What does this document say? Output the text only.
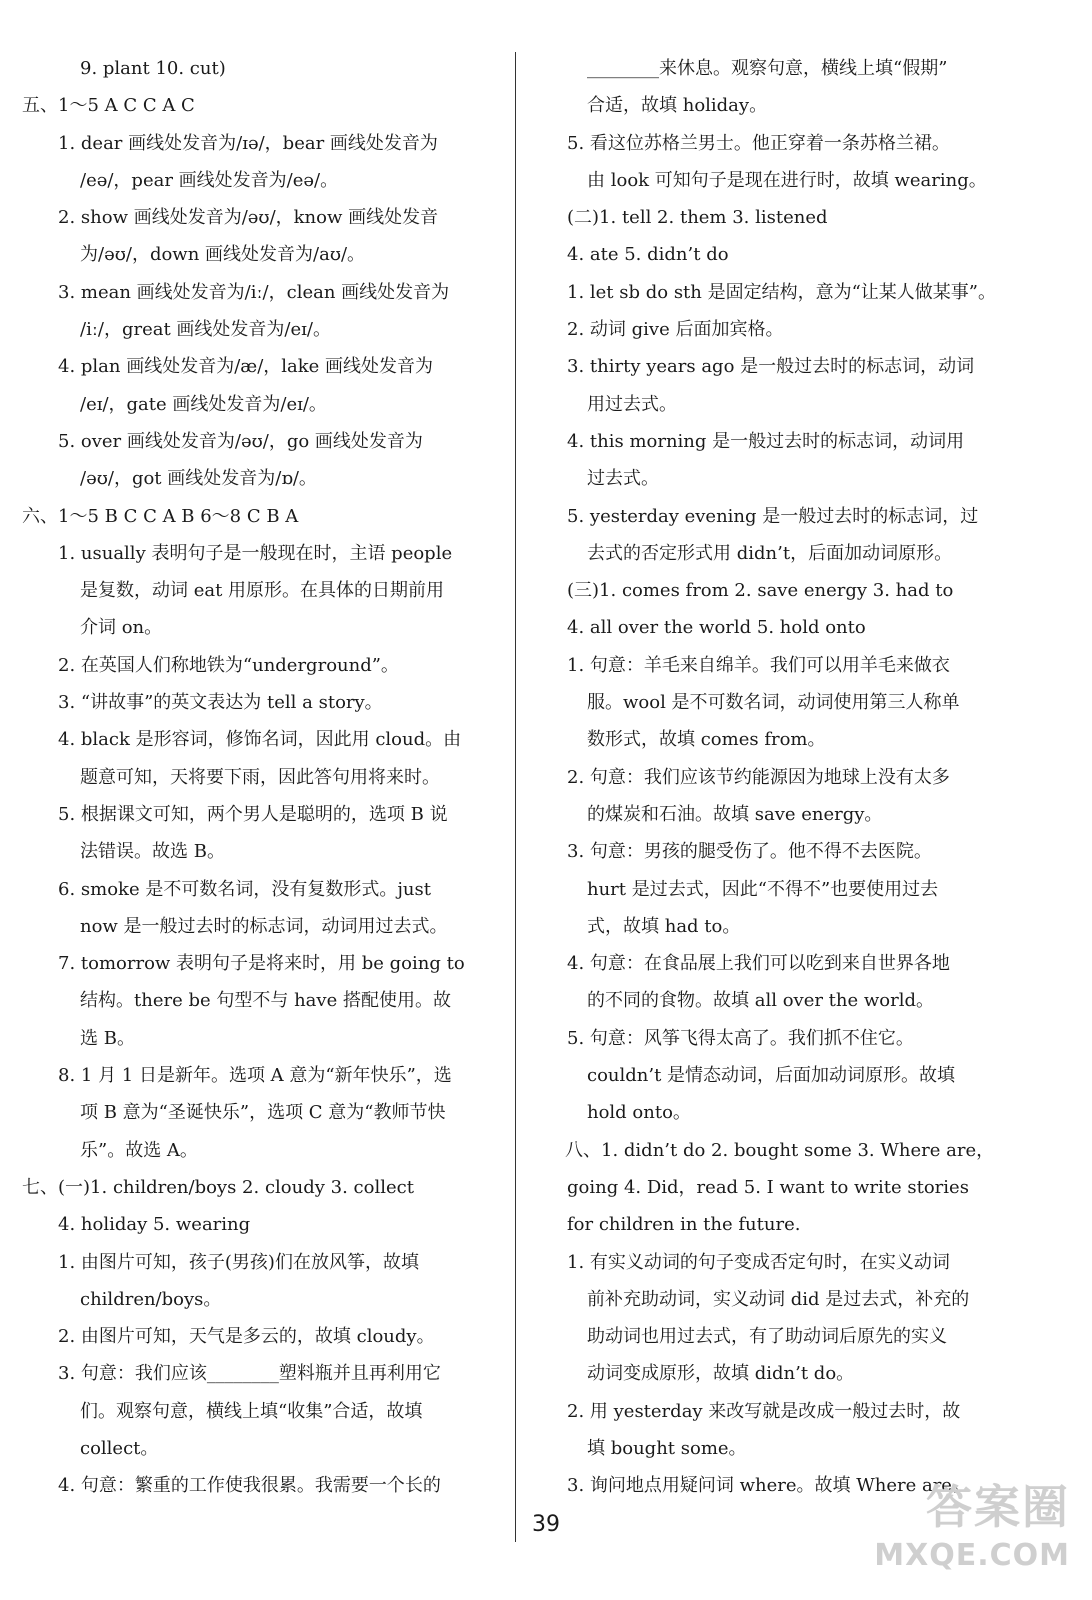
9. plant 10. cut)
五、1～5 A C C A C
1. dear 画线处发音为/ɪə/，bear 画线处发音为
/eə/，pear 画线处发音为/eə/。
2. show 画线处发音为/əʊ/，know 画线处发音
为/əʊ/，down 画线处发音为/aʊ/。
3. mean 画线处发音为/iː/，clean 画线处发音为
/iː/，great 画线处发音为/eɪ/。
4. plan 画线处发音为/æ/，lake 画线处发音为
/eɪ/，gate 画线处发音为/eɪ/。
5. over 画线处发音为/əʊ/，go 画线处发音为
/əʊ/，got 画线处发音为/ɒ/。
六、1～5 B C C A B 6～8 C B A
1. usually 表明句子是一般现在时，主语 people
是复数，动词 eat 用原形。在具体的日期前用
介词 on。
2. 在英国人们称地铁为“underground”。
3. “讲故事”的英文表达为 tell a story。
4. black 是形容词，修饰名词，因此用 cloud。由
题意可知，天将要下雨，因此答句用将来时。
5. 根据课文可知，两个男人是聪明的，选项 B 说
法错误。故选 B。
6. smoke 是不可数名词，没有复数形式。just
now 是一般过去时的标志词，动词用过去式。
7. tomorrow 表明句子是将来时，用 be going to
结构。there be 句型不与 have 搭配使用。故
选 B。
8. 1 月 1 日是新年。选项 A 意为“新年快乐”，选
项 B 意为“圣诞快乐”，选项 C 意为“教师节快
乐”。故选 A。
七、(一)1. children/boys 2. cloudy 3. collect
4. holiday 5. wearing
1. 由图片可知，孩子(男孩)们在放风筝，故填
children/boys。
2. 由图片可知，天气是多云的，故填 cloudy。
3. 句意：我们应该________塑料瓶并且再利用它
们。观察句意，横线上填“收集”合适，故填
collect。
4. 句意：繁重的工作使我很累。我需要一个长的
________来休息。观察句意，横线上填“假期”
合适，故填 holiday。
5. 看这位苏格兰男士。他正穿着一条苏格兰裙。
由 look 可知句子是现在进行时，故填 wearing。
(二)1. tell 2. them 3. listened
4. ate 5. didn’t do
1. let sb do sth 是固定结构，意为“让某人做某事”。
2. 动词 give 后面加宾格。
3. thirty years ago 是一般过去时的标志词，动词
用过去式。
4. this morning 是一般过去时的标志词，动词用
过去式。
5. yesterday evening 是一般过去时的标志词，过
去式的否定形式用 didn’t，后面加动词原形。
(三)1. comes from 2. save energy 3. had to
4. all over the world 5. hold onto
1. 句意：羊毛来自绵羊。我们可以用羊毛来做衣
服。wool 是不可数名词，动词使用第三人称单
数形式，故填 comes from。
2. 句意：我们应该节约能源因为地球上没有太多
的煤炭和石油。故填 save energy。
3. 句意：男孩的腿受伤了。他不得不去医院。
hurt 是过去式，因此“不得不”也要使用过去
式，故填 had to。
4. 句意：在食品展上我们可以吃到来自世界各地
的不同的食物。故填 all over the world。
5. 句意：风筝飞得太高了。我们抓不住它。
couldn’t 是情态动词，后面加动词原形。故填
hold onto。
八、1. didn’t do 2. bought some 3. Where are，
going 4. Did，read 5. I want to write stories
for children in the future.
1. 有实义动词的句子变成否定句时，在实义动词
前补充助动词，实义动词 did 是过去式，补充的
助动词也用过去式，有了助动词后原先的实义
动词变成原形，故填 didn’t do。
2. 用 yesterday 来改写就是改成一般过去时，故
填 bought some。
3. 询问地点用疑问词 where。故填 Where are。
39	答案圈
MXQE.COM
